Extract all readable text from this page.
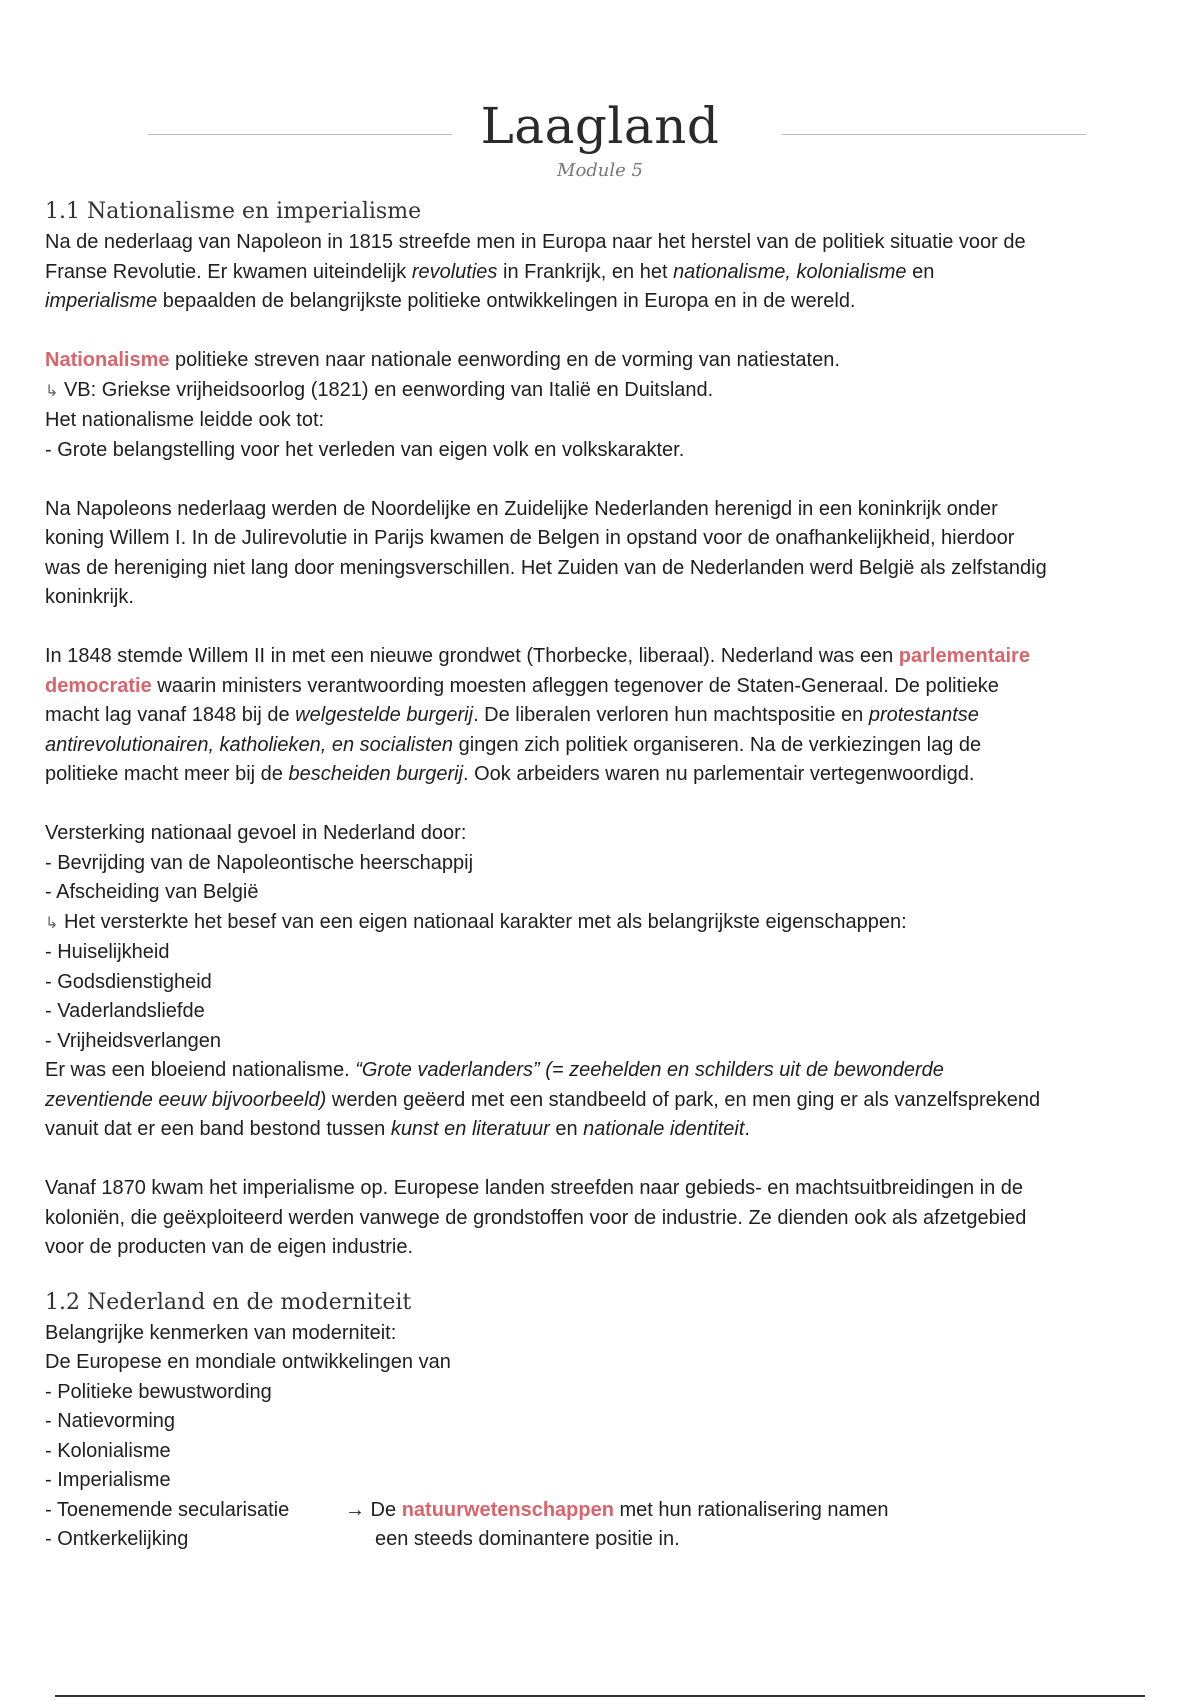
Laagland
Module 5
1.1 Nationalisme en imperialisme
Na de nederlaag van Napoleon in 1815 streefde men in Europa naar het herstel van de politiek situatie voor de
Franse Revolutie. Er kwamen uiteindelijk revoluties in Frankrijk, en het nationalisme, kolonialisme en
imperialisme bepaalden de belangrijkste politieke ontwikkelingen in Europa en in de wereld.
Nationalisme politieke streven naar nationale eenwording en de vorming van natiestaten.
↳ VB: Griekse vrijheidsoorlog (1821) en eenwording van Italië en Duitsland.
Het nationalisme leidde ook tot:
- Grote belangstelling voor het verleden van eigen volk en volkskarakter.
Na Napoleons nederlaag werden de Noordelijke en Zuidelijke Nederlanden herenigd in een koninkrijk onder
koning Willem I. In de Julirevolutie in Parijs kwamen de Belgen in opstand voor de onafhankelijkheid, hierdoor
was de hereniging niet lang door meningsverschillen. Het Zuiden van de Nederlanden werd België als zelfstandig
koninkrijk.
In 1848 stemde Willem II in met een nieuwe grondwet (Thorbecke, liberaal). Nederland was een parlementaire
democratie waarin ministers verantwoording moesten afleggen tegenover de Staten-Generaal. De politieke
macht lag vanaf 1848 bij de welgestelde burgerij. De liberalen verloren hun machtspositie en protestantse
antirevolutionairen, katholieken, en socialisten gingen zich politiek organiseren. Na de verkiezingen lag de
politieke macht meer bij de bescheiden burgerij. Ook arbeiders waren nu parlementair vertegenwoordigd.
Versterking nationaal gevoel in Nederland door:
- Bevrijding van de Napoleontische heerschappij
- Afscheiding van België
↳ Het versterkte het besef van een eigen nationaal karakter met als belangrijkste eigenschappen:
- Huiselijkheid
- Godsdienstigheid
- Vaderlandsliefde
- Vrijheidsverlangen
Er was een bloeiend nationalisme. “Grote vaderlanders” (= zeehelden en schilders uit de bewonderde
zeventiende eeuw bijvoorbeeld) werden geëerd met een standbeeld of park, en men ging er als vanzelfsprekend
vanuit dat er een band bestond tussen kunst en literatuur en nationale identiteit.
Vanaf 1870 kwam het imperialisme op. Europese landen streefden naar gebieds- en machtsuitbreidingen in de
koloniën, die geëxploiteerd werden vanwege de grondstoffen voor de industrie. Ze dienden ook als afzetgebied
voor de producten van de eigen industrie.
1.2 Nederland en de moderniteit
Belangrijke kenmerken van moderniteit:
De Europese en mondiale ontwikkelingen van
- Politieke bewustwording
- Natievorming
- Kolonialisme
- Imperialisme
- Toenemende secularisatie
- Ontkerkelijking
→ De natuurwetenschappen met hun rationalisering namen
een steeds dominantere positie in.
